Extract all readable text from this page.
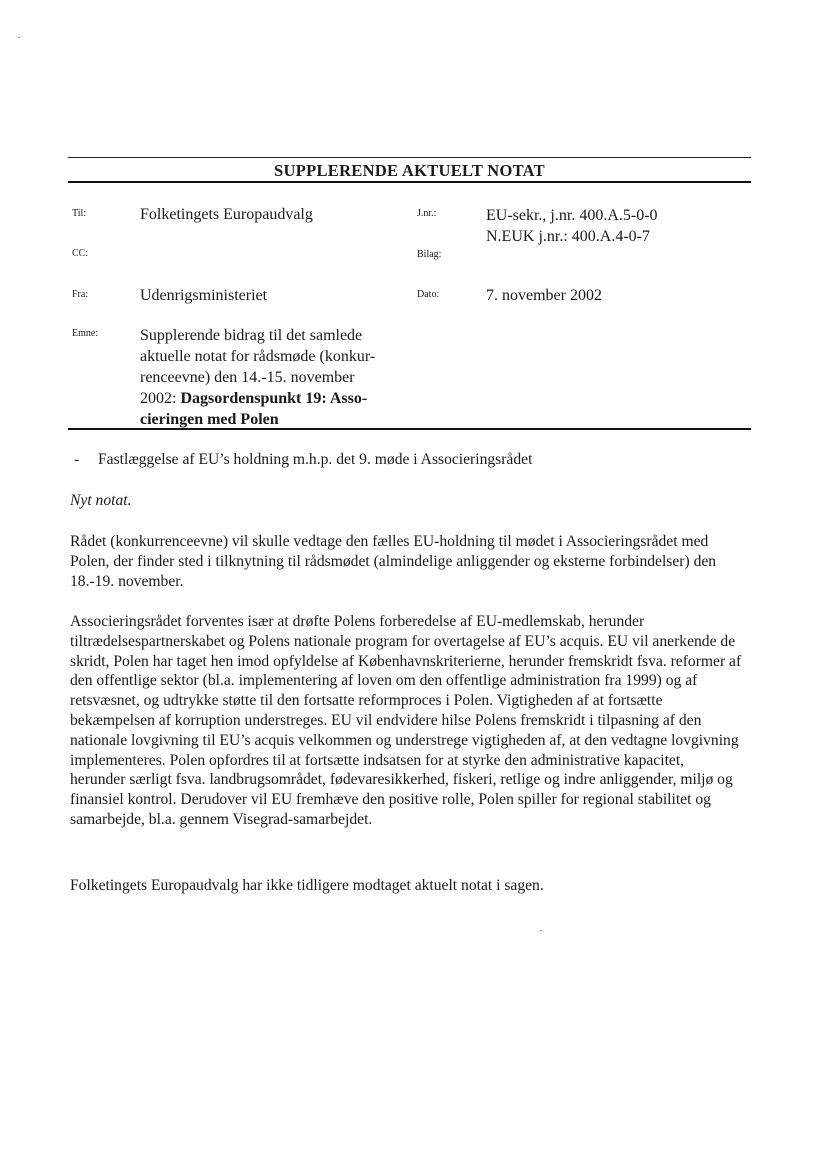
SUPPLERENDE AKTUELT NOTAT
Til:	Folketingets Europaudvalg	J.nr.:	EU-sekr., j.nr. 400.A.5-0-0
N.EUK j.nr.: 400.A.4-0-7
CC:	Bilag:
Fra:	Udenrigsministeriet	Dato:	7. november 2002
Emne:	Supplerende bidrag til det samlede
aktuelle notat for rådsmøde (konkur-
renceevne) den 14.-15. november
2002: Dagsordenspunkt 19: Asso-
cieringen med Polen
- Fastlæggelse af EU’s holdning m.h.p. det 9. møde i Associeringsrådet
Nyt notat.
Rådet (konkurrenceevne) vil skulle vedtage den fælles EU-holdning til mødet i Associeringsrådet med Polen, der finder sted i tilknytning til rådsmødet (almindelige anliggender og eksterne forbindelser) den 18.-19. november.
Associeringsrådet forventes især at drøfte Polens forberedelse af EU-medlemskab, herunder tiltrædelsespartnerskabet og Polens nationale program for overtagelse af EU’s acquis. EU vil anerkende de skridt, Polen har taget hen imod opfyldelse af Københavnskriterierne, herunder fremskridt fsva. reformer af den offentlige sektor (bl.a. implementering af loven om den offentlige administration fra 1999) og af retsvæsnet, og udtrykke støtte til den fortsatte reformproces i Polen. Vigtigheden af at fortsætte bekæmpelsen af korruption understreges. EU vil endvidere hilse Polens fremskridt i tilpasning af den nationale lovgivning til EU’s acquis velkommen og understrege vigtigheden af, at den vedtagne lovgivning implementeres. Polen opfordres til at fortsætte indsatsen for at styrke den administrative kapacitet, herunder særligt fsva. landbrugsområdet, fødevaresikkerhed, fiskeri, retlige og indre anliggender, miljø og finansiel kontrol. Derudover vil EU fremhæve den positive rolle, Polen spiller for regional stabilitet og samarbejde, bl.a. gennem Visegrad-samarbejdet.
Folketingets Europaudvalg har ikke tidligere modtaget aktuelt notat i sagen.
